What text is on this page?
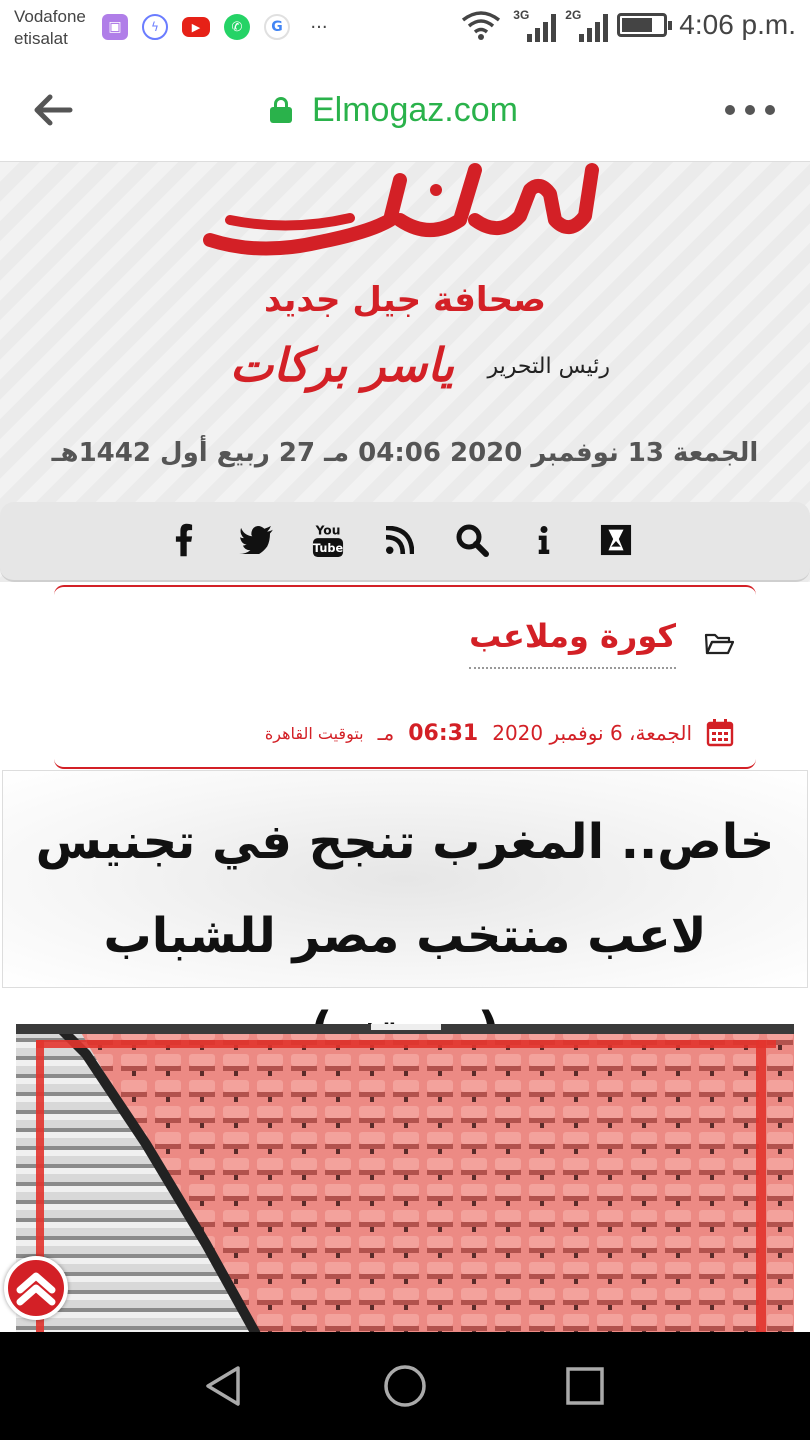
Vodafone
etisalat
▣	ϟ	▶	✆	G	···
3G	2G	4:06 p.m.
Elmogaz.com
صحافة جيل جديد
رئيس التحرير
ياسر بركات
الجمعة 13 نوفمبر 2020 04:06 مـ 27 ربيع أول 1442هـ
You
Tube
كورة وملاعب
الجمعة، 6 نوفمبر 2020
06:31
مـ
بتوقيت القاهرة
خاص.. المغرب تنجح في تجنيس لاعب منتخب مصر للشباب
